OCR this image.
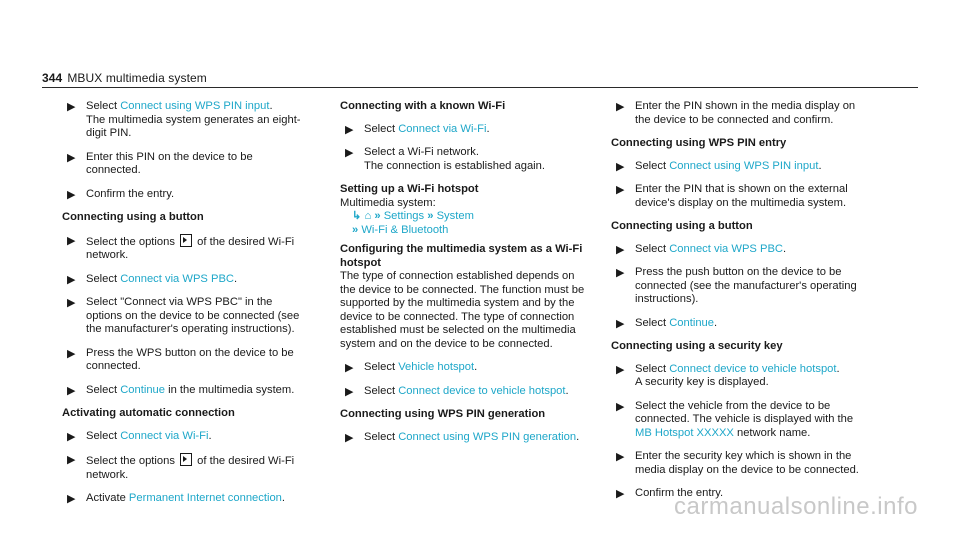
344 MBUX multimedia system
▶ Select Connect using WPS PIN input.
The multimedia system generates an eight-digit PIN.
▶ Enter this PIN on the device to be connected.
▶ Confirm the entry.
Connecting using a button
▶ Select the options  of the desired Wi-Fi network.
▶ Select Connect via WPS PBC.
▶ Select "Connect via WPS PBC" in the options on the device to be connected (see the manufacturer's operating instructions).
▶ Press the WPS button on the device to be connected.
▶ Select Continue in the multimedia system.
Activating automatic connection
▶ Select Connect via Wi-Fi.
▶ Select the options  of the desired Wi-Fi network.
▶ Activate Permanent Internet connection.
Connecting with a known Wi-Fi
▶ Select Connect via Wi-Fi.
▶ Select a Wi-Fi network.
The connection is established again.
Setting up a Wi-Fi hotspot
Multimedia system:
↳ ⌂ » Settings » System
» Wi-Fi & Bluetooth
Configuring the multimedia system as a Wi-Fi hotspot
The type of connection established depends on the device to be connected. The function must be supported by the multimedia system and by the device to be connected. The type of connection established must be selected on the multimedia system and on the device to be connected.
▶ Select Vehicle hotspot.
▶ Select Connect device to vehicle hotspot.
Connecting using WPS PIN generation
▶ Select Connect using WPS PIN generation.
▶ Enter the PIN shown in the media display on the device to be connected and confirm.
Connecting using WPS PIN entry
▶ Select Connect using WPS PIN input.
▶ Enter the PIN that is shown on the external device's display on the multimedia system.
Connecting using a button
▶ Select Connect via WPS PBC.
▶ Press the push button on the device to be connected (see the manufacturer's operating instructions).
▶ Select Continue.
Connecting using a security key
▶ Select Connect device to vehicle hotspot.
A security key is displayed.
▶ Select the vehicle from the device to be connected. The vehicle is displayed with the MB Hotspot XXXXX network name.
▶ Enter the security key which is shown in the media display on the device to be connected.
▶ Confirm the entry.
carmanualsonline.info
